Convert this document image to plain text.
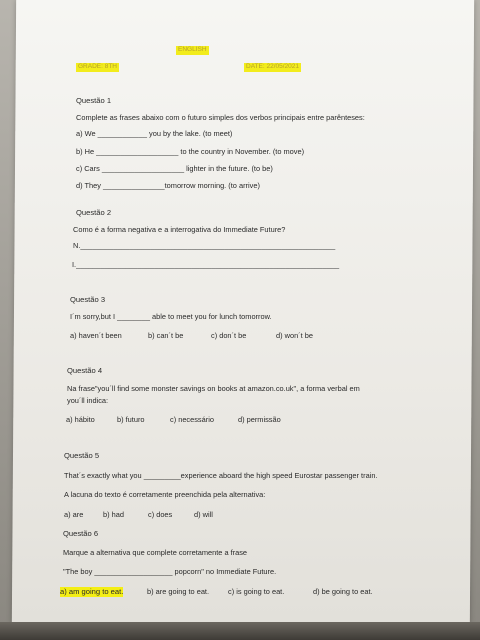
ENGLISH
GRADE: 8TH	DATE: 22/05/2021
Questão 1
Complete as frases abaixo com o futuro simples dos verbos principais entre parênteses:
a) We ____________ you by the lake. (to meet)
b) He ____________________ to the country in November. (to move)
c) Cars ____________________ lighter in the future. (to be)
d) They _______________tomorrow morning. (to arrive)
Questão 2
Como é a forma negativa e a interrogativa do Immediate Future?
N.______________________________________________________________
I.________________________________________________________________
Questão 3
I´m sorry,but I ________ able to meet you for lunch tomorrow.
a) haven´t been	b) can´t be	c) don´t be	d) won´t be
Questão 4
Na frase"you´ll find some monster savings on books at amazon.co.uk", a forma verbal em
you´ll indica:
a) hábito	b) futuro	c) necessário	d) permissão
Questão 5
That´s exactly what you _________experience aboard the high speed Eurostar passenger train.
A lacuna do texto é corretamente preenchida pela alternativa:
a) are	b) had	c) does	d) will
Questão 6
Marque a alternativa que complete corretamente a frase
"The boy ___________________ popcorn" no Immediate Future.
a) am going to eat.	b) are going to eat.	c) is going to eat.	d) be going to eat.
